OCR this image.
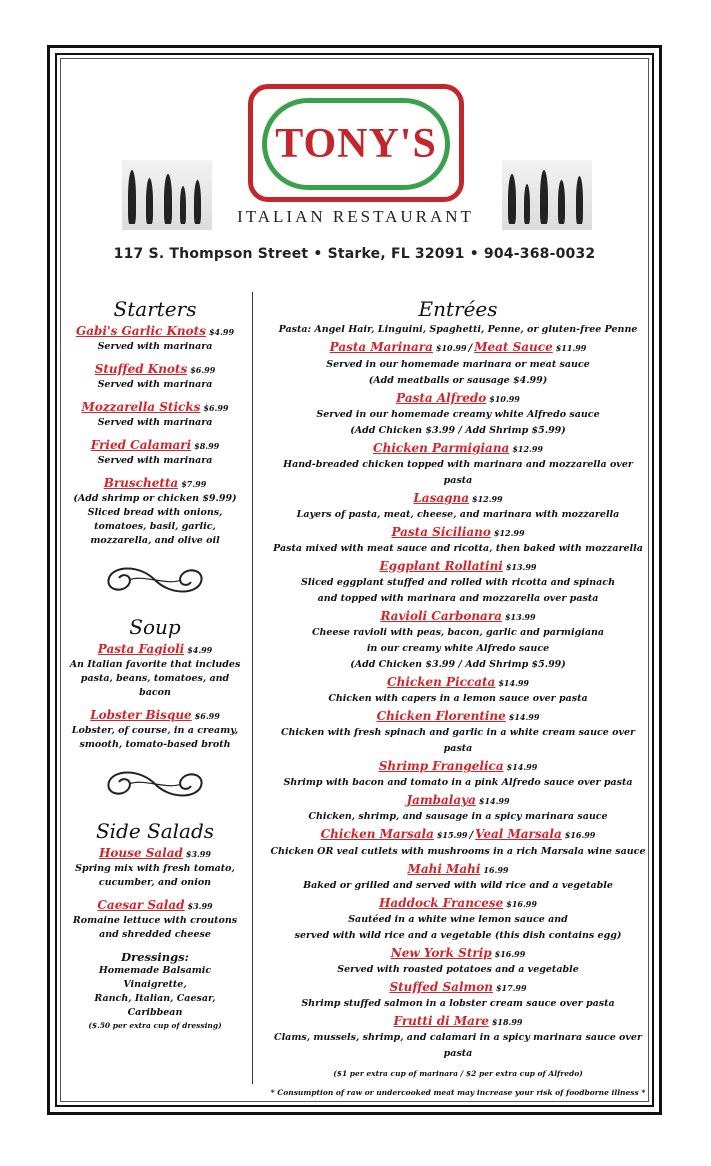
TONY'S
ITALIAN RESTAURANT
117 S. Thompson Street • Starke, FL 32091 • 904-368-0032
Starters
Gabi's Garlic Knots $4.99
Served with marinara
Stuffed Knots $6.99
Served with marinara
Mozzarella Sticks $6.99
Served with marinara
Fried Calamari $8.99
Served with marinara
Bruschetta $7.99
(Add shrimp or chicken $9.99)
Sliced bread with onions,
tomatoes, basil, garlic,
mozzarella, and olive oil
Soup
Pasta Fagioli $4.99
An Italian favorite that includes
pasta, beans, tomatoes, and bacon
Lobster Bisque $6.99
Lobster, of course, in a creamy,
smooth, tomato-based broth
Side Salads
House Salad $3.99
Spring mix with fresh tomato,
cucumber, and onion
Caesar Salad $3.99
Romaine lettuce with croutons
and shredded cheese
Dressings:
Homemade Balsamic Vinaigrette,
Ranch, Italian, Caesar, Caribbean
($.50 per extra cup of dressing)
Entrées
Pasta: Angel Hair, Linguini, Spaghetti, Penne, or gluten-free Penne
Pasta Marinara $10.99 / Meat Sauce $11.99
Served in our homemade marinara or meat sauce
(Add meatballs or sausage $4.99)
Pasta Alfredo $10.99
Served in our homemade creamy white Alfredo sauce
(Add Chicken $3.99 / Add Shrimp $5.99)
Chicken Parmigiana $12.99
Hand-breaded chicken topped with marinara and mozzarella over pasta
Lasagna $12.99
Layers of pasta, meat, cheese, and marinara with mozzarella
Pasta Siciliano $12.99
Pasta mixed with meat sauce and ricotta, then baked with mozzarella
Eggplant Rollatini $13.99
Sliced eggplant stuffed and rolled with ricotta and spinach
and topped with marinara and mozzarella over pasta
Ravioli Carbonara $13.99
Cheese ravioli with peas, bacon, garlic and parmigiana
in our creamy white Alfredo sauce
(Add Chicken $3.99 / Add Shrimp $5.99)
Chicken Piccata $14.99
Chicken with capers in a lemon sauce over pasta
Chicken Florentine $14.99
Chicken with fresh spinach and garlic in a white cream sauce over pasta
Shrimp Frangelica $14.99
Shrimp with bacon and tomato in a pink Alfredo sauce over pasta
Jambalaya $14.99
Chicken, shrimp, and sausage in a spicy marinara sauce
Chicken Marsala $15.99 / Veal Marsala $16.99
Chicken OR veal cutlets with mushrooms in a rich Marsala wine sauce
Mahi Mahi 16.99
Baked or grilled and served with wild rice and a vegetable
Haddock Francese $16.99
Sautéed in a white wine lemon sauce and
served with wild rice and a vegetable (this dish contains egg)
New York Strip $16.99
Served with roasted potatoes and a vegetable
Stuffed Salmon $17.99
Shrimp stuffed salmon in a lobster cream sauce over pasta
Frutti di Mare $18.99
Clams, mussels, shrimp, and calamari in a spicy marinara sauce over pasta
($1 per extra cup of marinara / $2 per extra cup of Alfredo)
* Consumption of raw or undercooked meat may increase your risk of foodborne illness *
